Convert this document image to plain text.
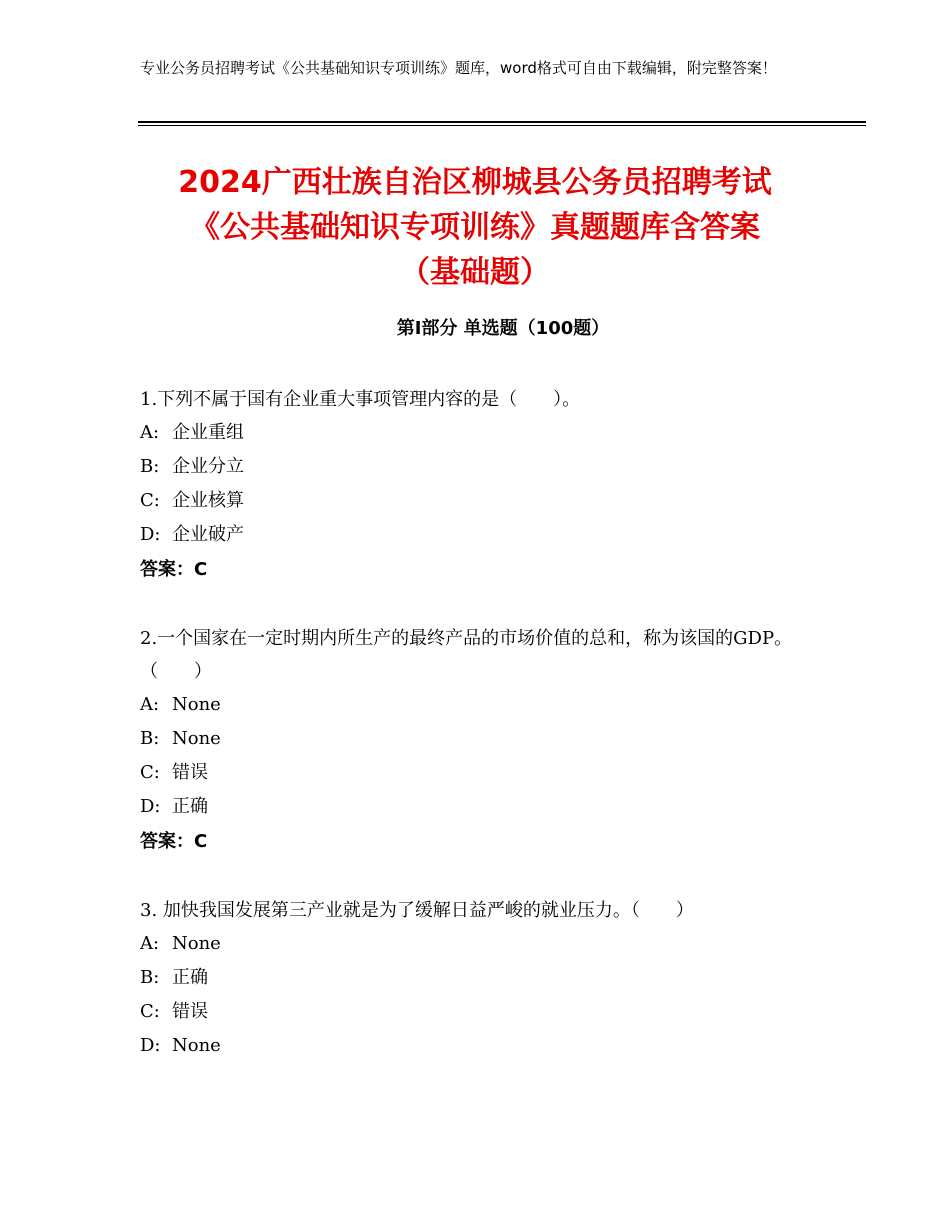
专业公务员招聘考试《公共基础知识专项训练》题库，word格式可自由下载编辑，附完整答案！
2024广西壮族自治区柳城县公务员招聘考试
《公共基础知识专项训练》真题题库含答案
（基础题）
第Ⅰ部分 单选题（100题）

1.下列不属于国有企业重大事项管理内容的是（　　）。

A: 企业重组

B: 企业分立

C: 企业核算

D: 企业破产

答案：C

2.一个国家在一定时期内所生产的最终产品的市场价值的总和，称为该国的GDP。（　　）

A: None

B: None

C: 错误

D: 正确

答案：C

3. 加快我国发展第三产业就是为了缓解日益严峻的就业压力。（　　）

A: None

B: 正确

C: 错误

D: None
